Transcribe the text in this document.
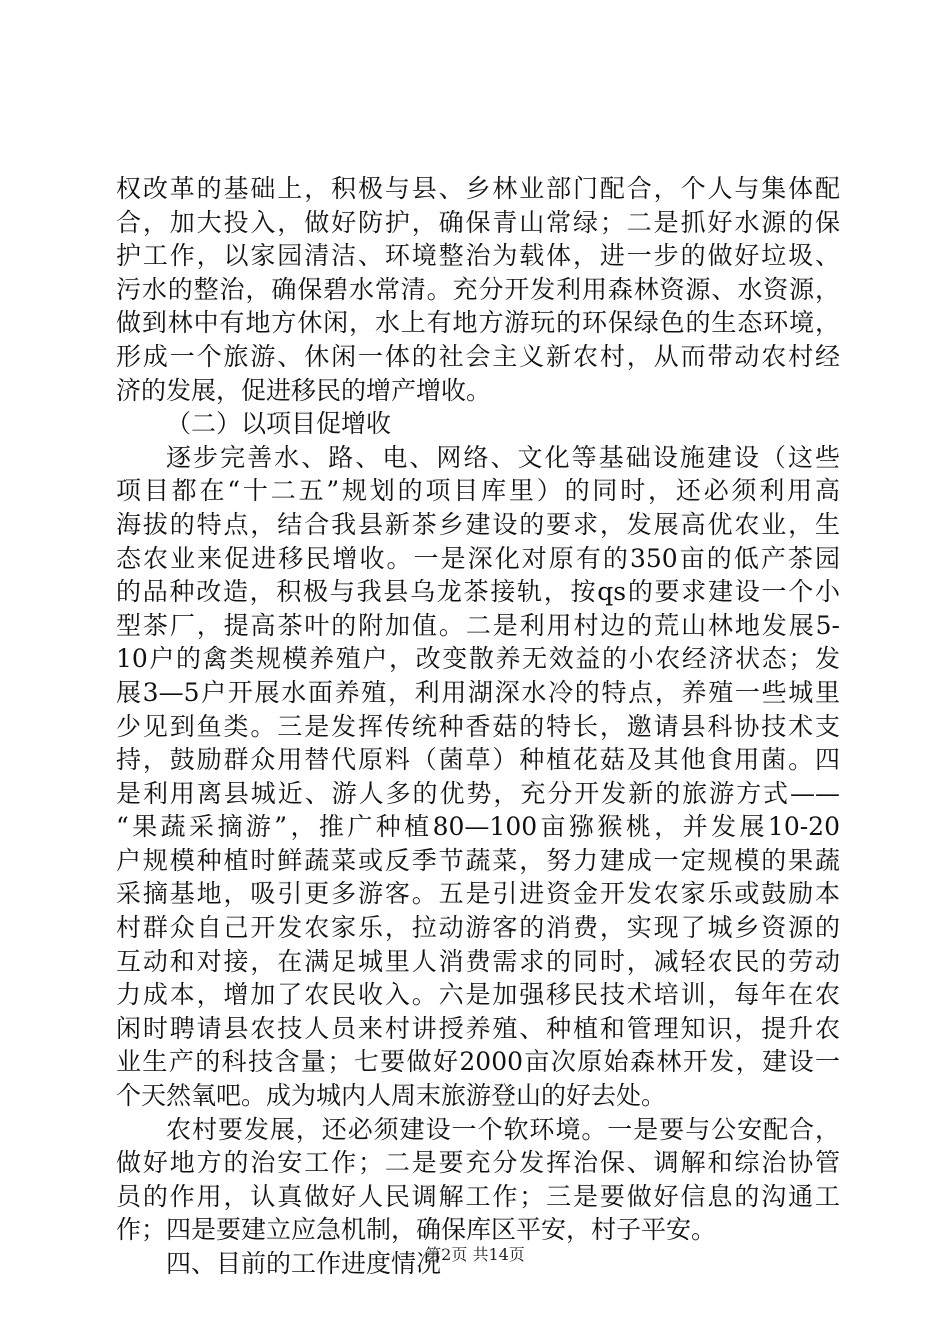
权改革的基础上，积极与县、乡林业部门配合，个人与集体配
合，加大投入，做好防护，确保青山常绿；二是抓好水源的保
护工作，以家园清洁、环境整治为载体，进一步的做好垃圾、
污水的整治，确保碧水常清。充分开发利用森林资源、水资源，
做到林中有地方休闲，水上有地方游玩的环保绿色的生态环境，
形成一个旅游、休闲一体的社会主义新农村，从而带动农村经
济的发展，促进移民的增产增收。
（二）以项目促增收
逐步完善水、路、电、网络、文化等基础设施建设（这些
项目都在“十二五”规划的项目库里）的同时，还必须利用高
海拔的特点，结合我县新茶乡建设的要求，发展高优农业，生
态农业来促进移民增收。一是深化对原有的350亩的低产茶园
的品种改造，积极与我县乌龙茶接轨，按qs的要求建设一个小
型茶厂，提高茶叶的附加值。二是利用村边的荒山林地发展5-
10户的禽类规模养殖户，改变散养无效益的小农经济状态；发
展3—5户开展水面养殖，利用湖深水冷的特点，养殖一些城里
少见到鱼类。三是发挥传统种香菇的特长，邀请县科协技术支
持，鼓励群众用替代原料（菌草）种植花菇及其他食用菌。四
是利用离县城近、游人多的优势，充分开发新的旅游方式——
“果蔬采摘游”，推广种植80—100亩猕猴桃，并发展10-20
户规模种植时鲜蔬菜或反季节蔬菜，努力建成一定规模的果蔬
采摘基地，吸引更多游客。五是引进资金开发农家乐或鼓励本
村群众自己开发农家乐，拉动游客的消费，实现了城乡资源的
互动和对接，在满足城里人消费需求的同时，减轻农民的劳动
力成本，增加了农民收入。六是加强移民技术培训，每年在农
闲时聘请县农技人员来村讲授养殖、种植和管理知识，提升农
业生产的科技含量；七要做好2000亩次原始森林开发，建设一
个天然氧吧。成为城内人周末旅游登山的好去处。
农村要发展，还必须建设一个软环境。一是要与公安配合，
做好地方的治安工作；二是要充分发挥治保、调解和综治协管
员的作用，认真做好人民调解工作；三是要做好信息的沟通工
作；四是要建立应急机制，确保库区平安，村子平安。
四、目前的工作进度情况
第2页 共14页
